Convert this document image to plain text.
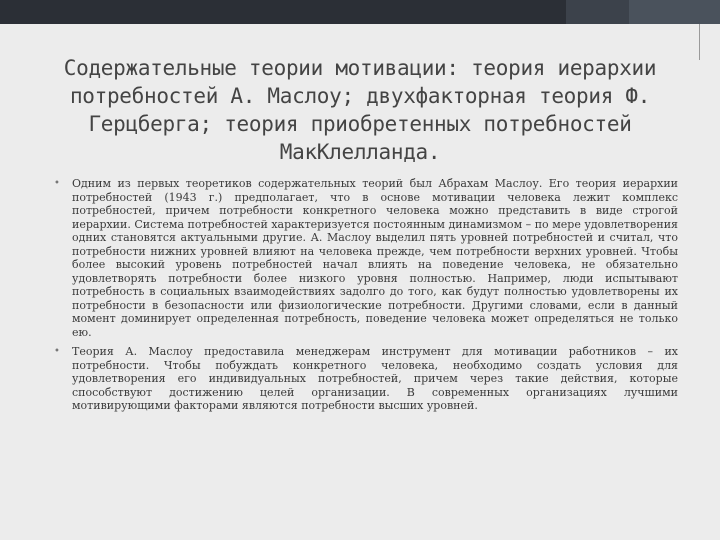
Содержательные теории мотивации: теория иерархии потребностей А. Маслоу; двухфакторная теория Ф. Герцберга; теория приобретенных потребностей МакКлелланда.

• Одним из первых теоретиков содержательных теорий был Абрахам Маслоу. Его теория иерархии потребностей (1943 г.) предполагает, что в основе мотивации человека лежит комплекс потребностей, причем потребности конкретного человека можно представить в виде строгой иерархии. Система потребностей характеризуется постоянным динамизмом – по мере удовлетворения одних становятся актуальными другие. А. Маслоу выделил пять уровней потребностей и считал, что потребности нижних уровней влияют на человека прежде, чем потребности верхних уровней. Чтобы более высокий уровень потребностей начал влиять на поведение человека, не обязательно удовлетворять потребности более низкого уровня полностью. Например, люди испытывают потребность в социальных взаимодействиях задолго до того, как будут полностью удовлетворены их потребности в безопасности или физиологические потребности. Другими словами, если в данный момент доминирует определенная потребность, поведение человека может определяться не только ею.

• Теория А. Маслоу предоставила менеджерам инструмент для мотивации работников – их потребности. Чтобы побуждать конкретного человека, необходимо создать условия для удовлетворения его индивидуальных потребностей, причем через такие действия, которые способствуют достижению целей организации. В современных организациях лучшими мотивирующими факторами являются потребности высших уровней.
